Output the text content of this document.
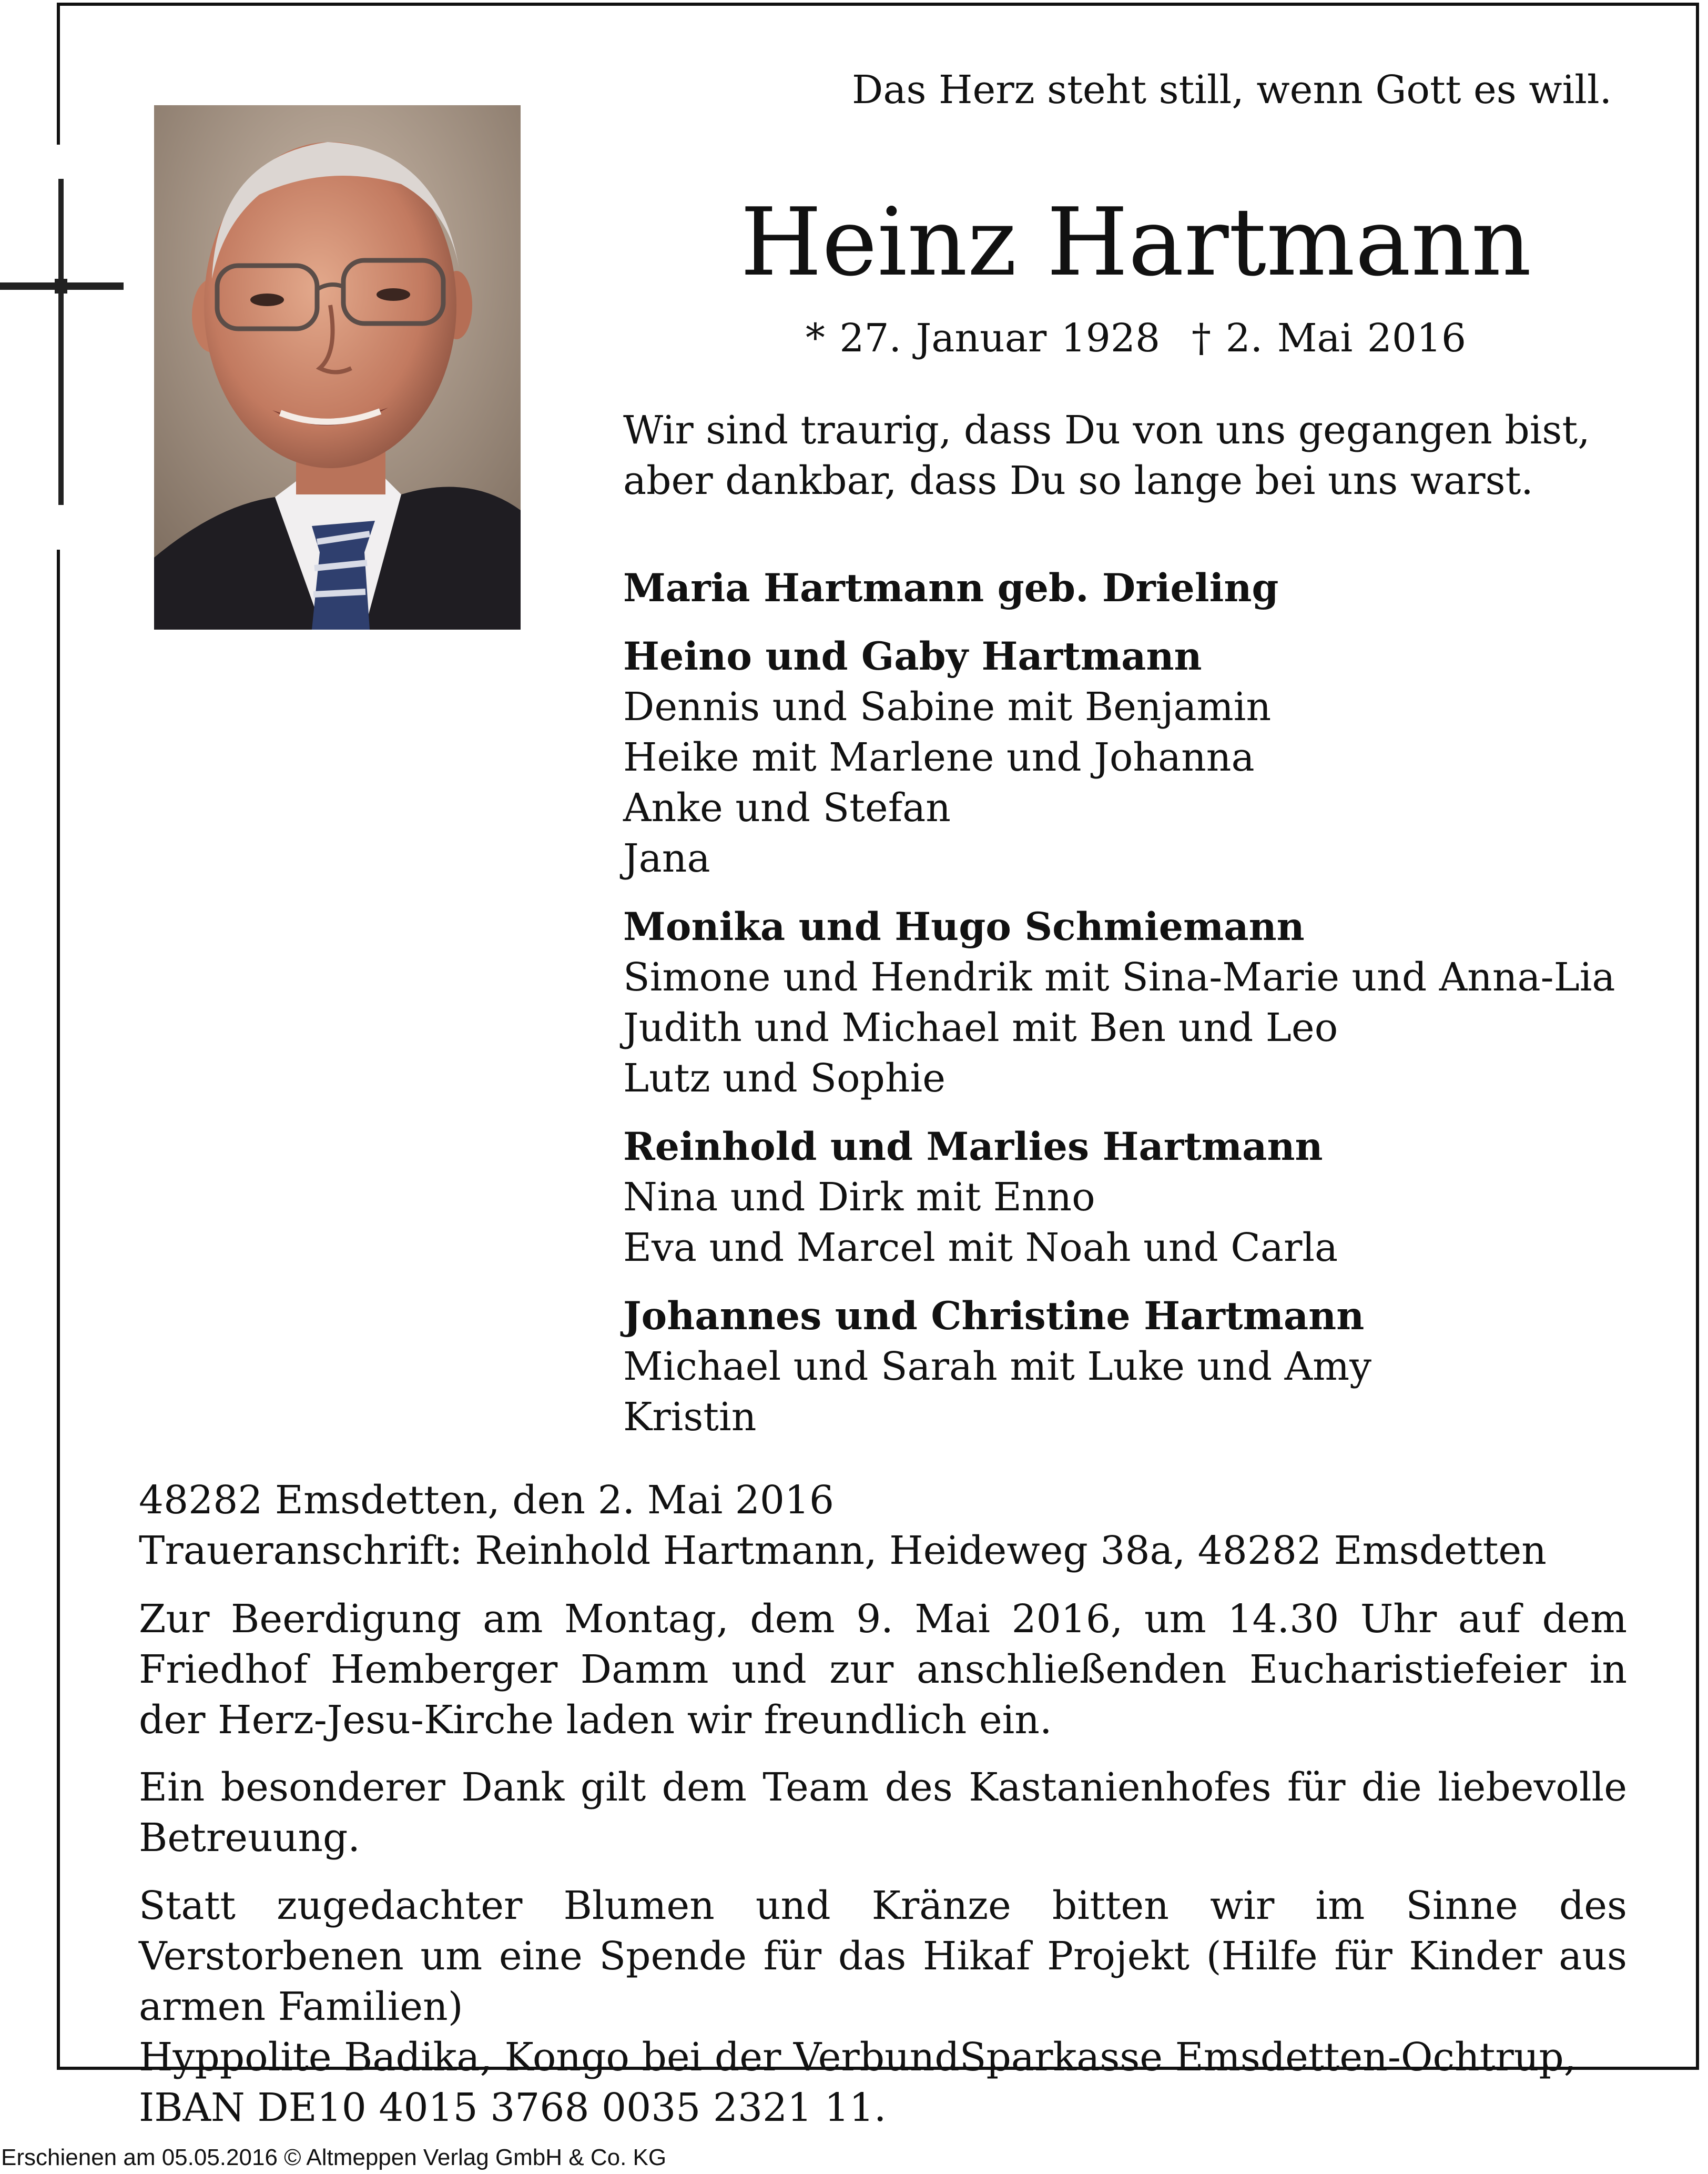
Das Herz steht still, wenn Gott es will.
Heinz Hartmann
* 27. Januar 1928 † 2. Mai 2016
Wir sind traurig, dass Du von uns gegangen bist,
aber dankbar, dass Du so lange bei uns warst.
Maria Hartmann geb. Drieling
Heino und Gaby Hartmann
Dennis und Sabine mit Benjamin
Heike mit Marlene und Johanna
Anke und Stefan
Jana
Monika und Hugo Schmiemann
Simone und Hendrik mit Sina-Marie und Anna-Lia
Judith und Michael mit Ben und Leo
Lutz und Sophie
Reinhold und Marlies Hartmann
Nina und Dirk mit Enno
Eva und Marcel mit Noah und Carla
Johannes und Christine Hartmann
Michael und Sarah mit Luke und Amy
Kristin
48282 Emsdetten, den 2. Mai 2016
Traueranschrift: Reinhold Hartmann, Heideweg 38a, 48282 Emsdetten
Zur Beerdigung am Montag, dem 9. Mai 2016, um 14.30 Uhr auf dem Friedhof Hemberger Damm und zur anschließenden Eucharistiefeier in der Herz-Jesu-Kirche laden wir freundlich ein.
Ein besonderer Dank gilt dem Team des Kastanienhofes für die liebevolle Betreuung.
Statt zugedachter Blumen und Kränze bitten wir im Sinne des Verstorbenen um eine Spende für das Hikaf Projekt (Hilfe für Kinder aus armen Familien)
Hyppolite Badika, Kongo bei der VerbundSparkasse Emsdetten-Ochtrup,
IBAN DE10 4015 3768 0035 2321 11.
Erschienen am 05.05.2016 © Altmeppen Verlag GmbH & Co. KG
